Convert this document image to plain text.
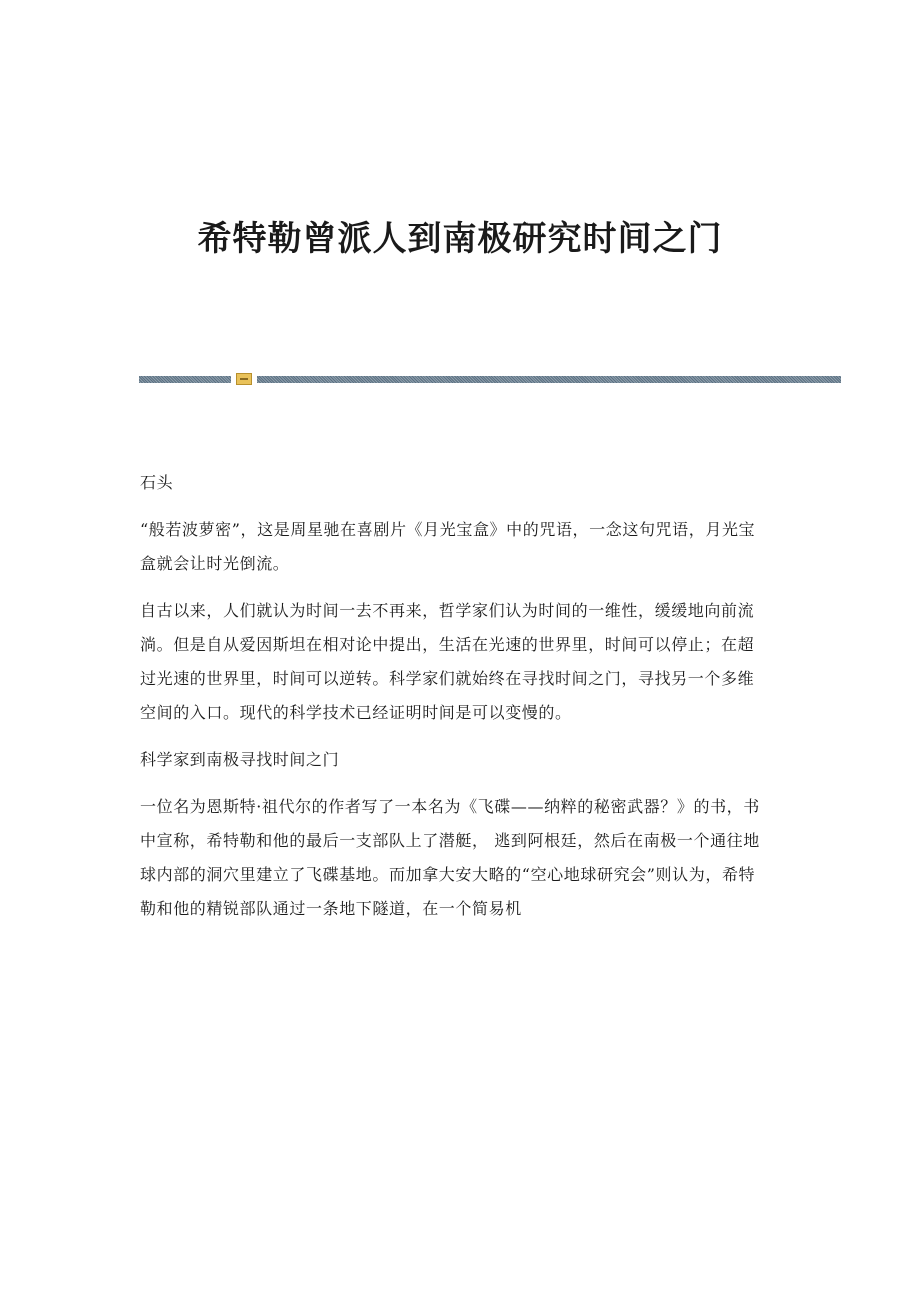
希特勒曾派人到南极研究时间之门

石头

“般若波萝密”，这是周星驰在喜剧片《月光宝盒》中的咒语，一念这句咒语，月光宝盒就会让时光倒流。

自古以来，人们就认为时间一去不再来，哲学家们认为时间的一维性，缓缓地向前流淌。但是自从爱因斯坦在相对论中提出，生活在光速的世界里，时间可以停止；在超过光速的世界里，时间可以逆转。科学家们就始终在寻找时间之门，寻找另一个多维空间的入口。现代的科学技术已经证明时间是可以变慢的。

科学家到南极寻找时间之门

一位名为恩斯特·祖代尔的作者写了一本名为《飞碟——纳粹的秘密武器？》的书，书中宣称，希特勒和他的最后一支部队上了潜艇， 逃到阿根廷，然后在南极一个通往地球内部的洞穴里建立了飞碟基地。而加拿大安大略的“空心地球研究会”则认为，希特勒和他的精锐部队通过一条地下隧道，在一个简易机
